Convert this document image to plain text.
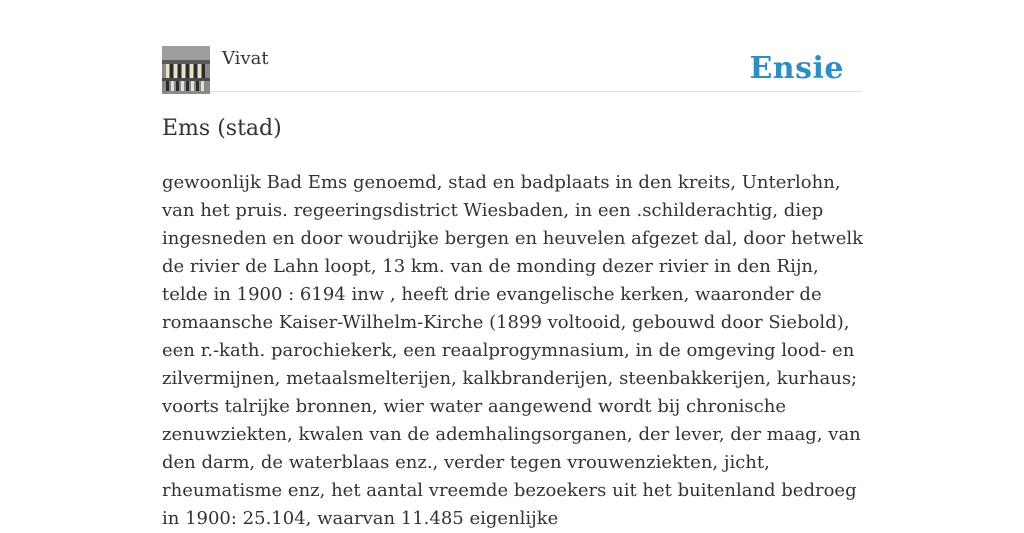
Vivat	Ensie
Ems (stad)

gewoonlijk Bad Ems genoemd, stad en badplaats in den kreits, Unterlohn, van het pruis. regeeringsdistrict Wiesbaden, in een .schilderachtig, diep ingesneden en door woudrijke bergen en heuvelen afgezet dal, door hetwelk de rivier de Lahn loopt, 13 km. van de monding dezer rivier in den Rijn, telde in 1900 : 6194 inw , heeft drie evangelische kerken, waaronder de romaansche Kaiser-Wilhelm-Kirche (1899 voltooid, gebouwd door Siebold), een r.-kath. parochiekerk, een reaalprogymnasium, in de omgeving lood- en zilvermijnen, metaalsmelterijen, kalkbranderijen, steenbakkerijen, kurhaus; voorts talrijke bronnen, wier water aangewend wordt bij chronische zenuwziekten, kwalen van de ademhalingsorganen, der lever, der maag, van den darm, de waterblaas enz., verder tegen vrouwenziekten, jicht, rheumatisme enz, het aantal vreemde bezoekers uit het buitenland bedroeg in 1900: 25.104, waarvan 11.485 eigenlijke
